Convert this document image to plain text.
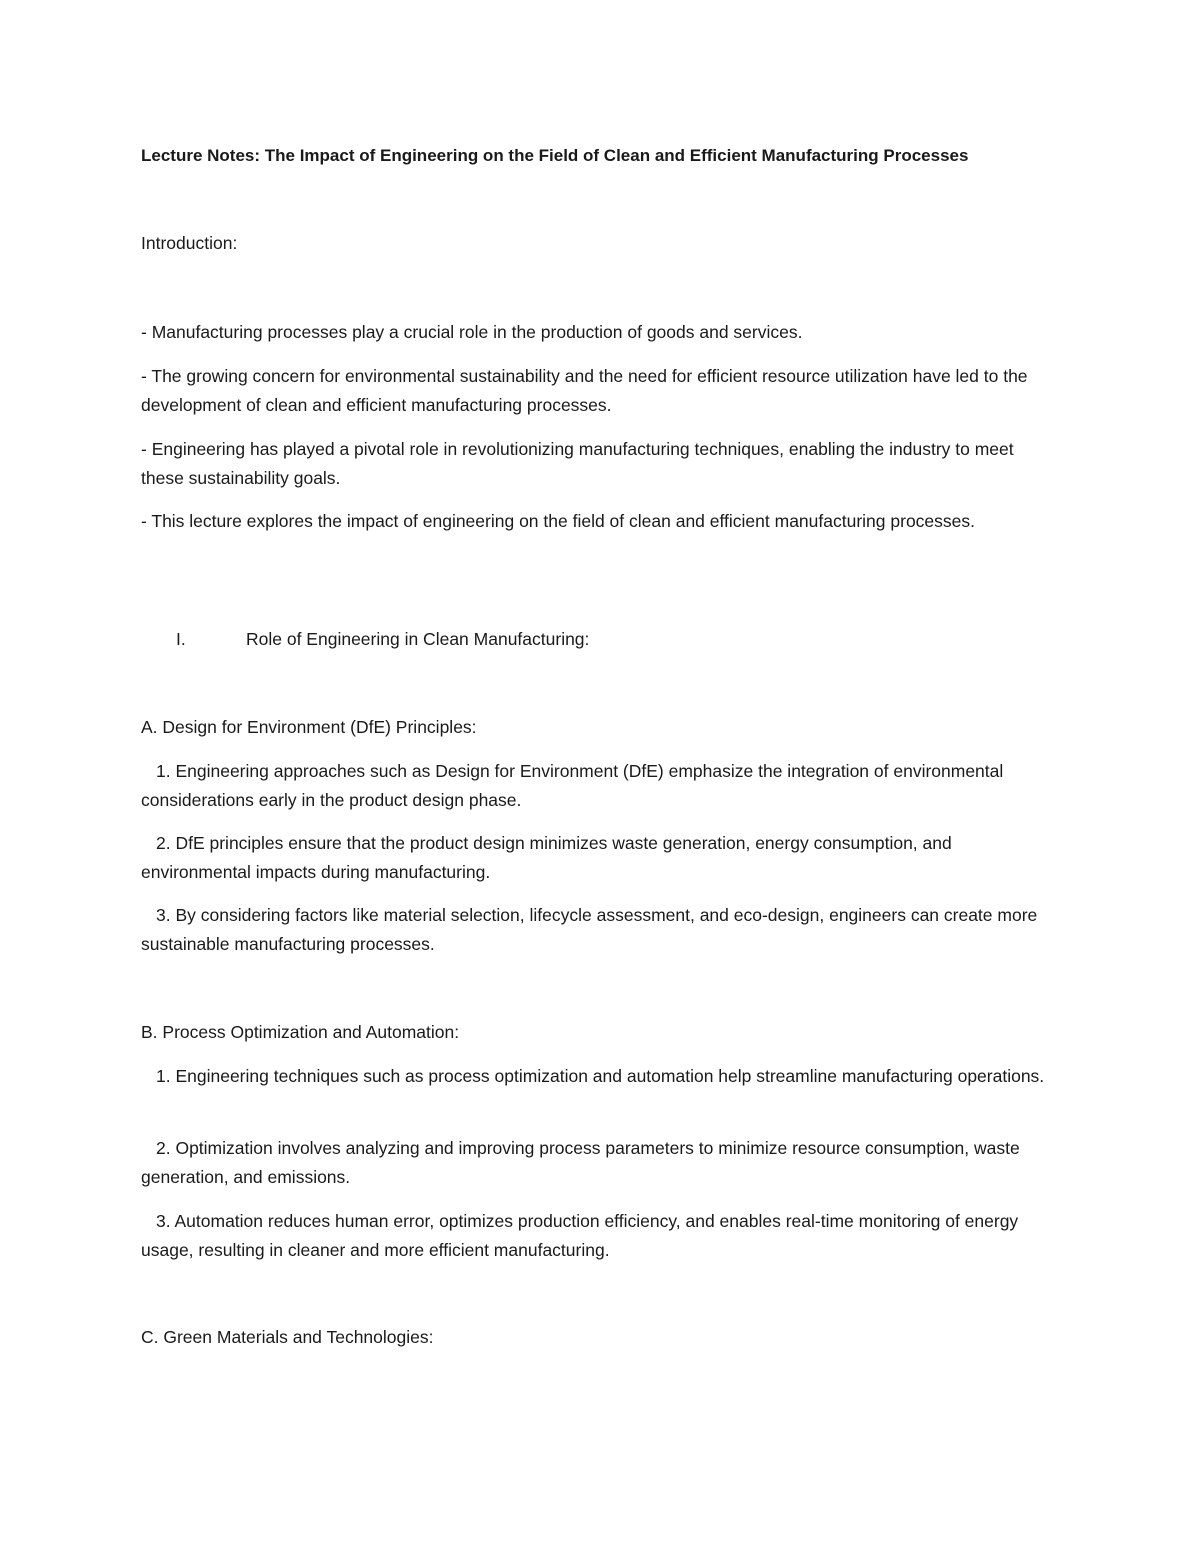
Lecture Notes: The Impact of Engineering on the Field of Clean and Efficient Manufacturing Processes

Introduction:

- Manufacturing processes play a crucial role in the production of goods and services.

- The growing concern for environmental sustainability and the need for efficient resource utilization have led to the development of clean and efficient manufacturing processes.

- Engineering has played a pivotal role in revolutionizing manufacturing techniques, enabling the industry to meet these sustainability goals.

- This lecture explores the impact of engineering on the field of clean and efficient manufacturing processes.

I.	Role of Engineering in Clean Manufacturing:

A. Design for Environment (DfE) Principles:

1. Engineering approaches such as Design for Environment (DfE) emphasize the integration of environmental considerations early in the product design phase.

2. DfE principles ensure that the product design minimizes waste generation, energy consumption, and environmental impacts during manufacturing.

3. By considering factors like material selection, lifecycle assessment, and eco-design, engineers can create more sustainable manufacturing processes.

B. Process Optimization and Automation:

1. Engineering techniques such as process optimization and automation help streamline manufacturing operations.

2. Optimization involves analyzing and improving process parameters to minimize resource consumption, waste generation, and emissions.

3. Automation reduces human error, optimizes production efficiency, and enables real-time monitoring of energy usage, resulting in cleaner and more efficient manufacturing.

C. Green Materials and Technologies:
